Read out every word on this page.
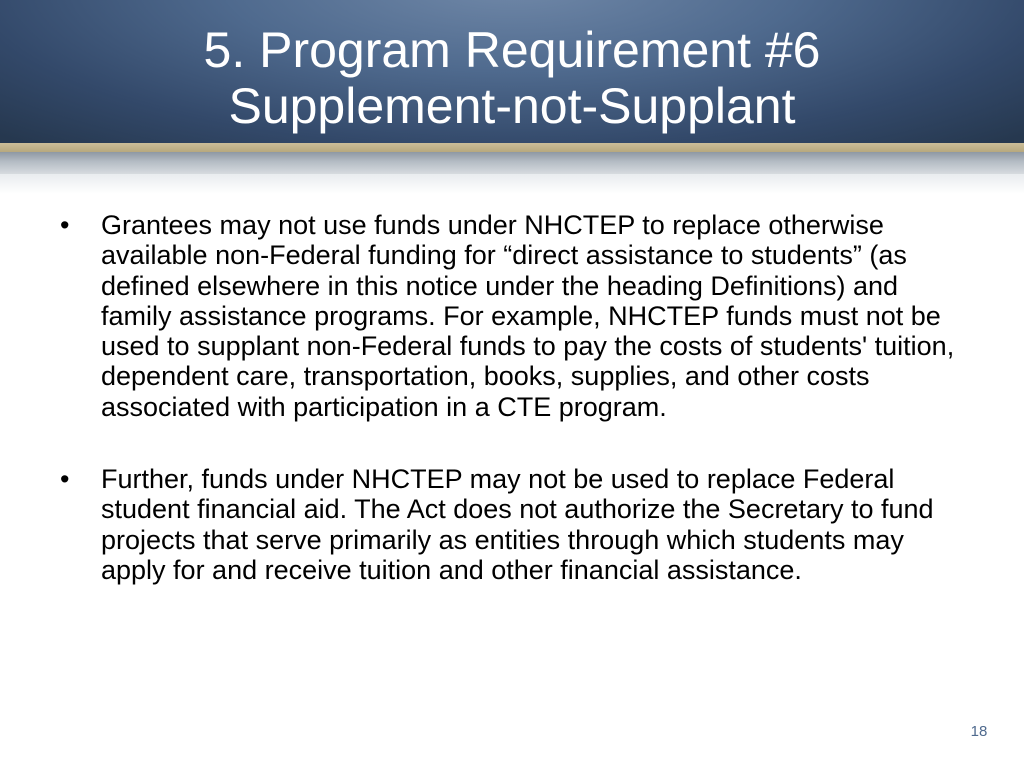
5. Program Requirement #6
Supplement-not-Supplant
• Grantees may not use funds under NHCTEP to replace otherwise available non-Federal funding for “direct assistance to students” (as defined elsewhere in this notice under the heading Definitions) and family assistance programs. For example, NHCTEP funds must not be used to supplant non-Federal funds to pay the costs of students' tuition, dependent care, transportation, books, supplies, and other costs associated with participation in a CTE program.
• Further, funds under NHCTEP may not be used to replace Federal student financial aid. The Act does not authorize the Secretary to fund projects that serve primarily as entities through which students may apply for and receive tuition and other financial assistance.
18
